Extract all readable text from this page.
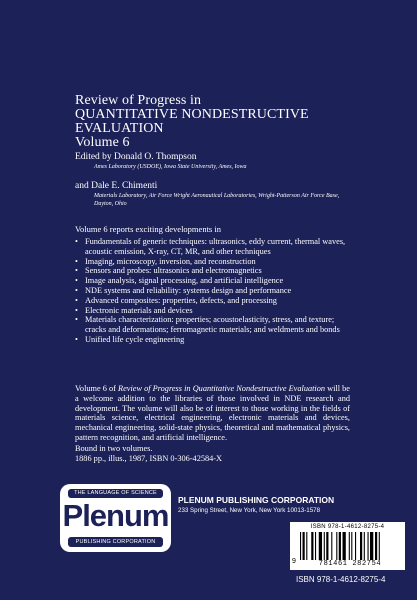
Review of Progress in
QUANTITATIVE NONDESTRUCTIVE
EVALUATION
Volume 6
Edited by Donald O. Thompson
Ames Laboratory (USDOE), Iowa State University, Ames, Iowa
and Dale E. Chimenti
Materials Laboratory, Air Force Wright Aeronautical Laboratories, Wright-Patterson Air Force Base,
Dayton, Ohio
Volume 6 reports exciting developments in
• Fundamentals of generic techniques: ultrasonics, eddy current, thermal waves,
acoustic emission, X-ray, CT, MR, and other techniques
• Imaging, microscopy, inversion, and reconstruction
• Sensors and probes: ultrasonics and electromagnetics
• Image analysis, signal processing, and artificial intelligence
• NDE systems and reliability: systems design and performance
• Advanced composites: properties, defects, and processing
• Electronic materials and devices
• Materials characterization: properties; acoustoelasticity, stress, and texture;
cracks and deformations; ferromagnetic materials; and weldments and bonds
• Unified life cycle engineering
Volume 6 of Review of Progress in Quantitative Nondestructive Evaluation will be a welcome addition to the libraries of those involved in NDE research and development. The volume will also be of interest to those working in the fields of materials science, electrical engineering, electronic materials and devices, mechanical engineering, solid-state physics, theoretical and mathematical physics, pattern recognition, and artificial intelligence.
Bound in two volumes.
1886 pp., illus., 1987, ISBN 0-306-42584-X
THE LANGUAGE OF SCIENCE
Plenum
PUBLISHING CORPORATION
PLENUM PUBLISHING CORPORATION
233 Spring Street, New York, New York 10013-1578
ISBN 978-1-4612-8275-4
9	781461 282754
ISBN 978-1-4612-8275-4
